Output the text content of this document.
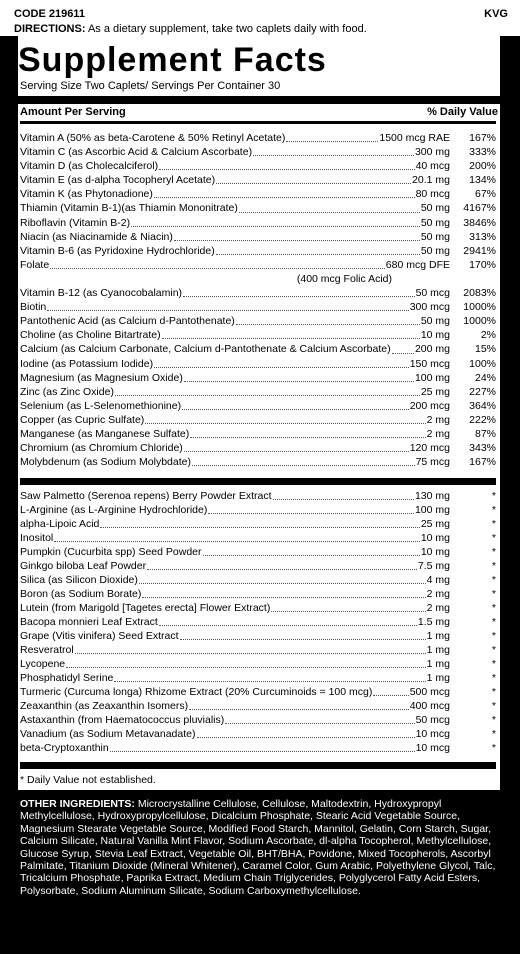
CODE 219611	KVG
DIRECTIONS: As a dietary supplement, take two caplets daily with food.
Supplement Facts
Serving Size Two Caplets/ Servings Per Container 30
Amount Per Serving	% Daily Value
Vitamin A (50% as beta-Carotene & 50% Retinyl Acetate)	1500 mcg RAE	167%
Vitamin C (as Ascorbic Acid & Calcium Ascorbate)	300 mg	333%
Vitamin D (as Cholecalciferol)	40 mcg	200%
Vitamin E (as d-alpha Tocopheryl Acetate)	20.1 mg	134%
Vitamin K (as Phytonadione)	80 mcg	67%
Thiamin (Vitamin B-1)(as Thiamin Mononitrate)	50 mg	4167%
Riboflavin (Vitamin B-2)	50 mg	3846%
Niacin (as Niacinamide & Niacin)	50 mg	313%
Vitamin B-6 (as Pyridoxine Hydrochloride)	50 mg	2941%
Folate	680 mcg DFE	170%
(400 mcg Folic Acid)
Vitamin B-12 (as Cyanocobalamin)	50 mcg	2083%
Biotin	300 mcg	1000%
Pantothenic Acid (as Calcium d-Pantothenate)	50 mg	1000%
Choline (as Choline Bitartrate)	10 mg	2%
Calcium (as Calcium Carbonate, Calcium d-Pantothenate & Calcium Ascorbate) 200 mg	15%
Iodine (as Potassium Iodide)	150 mcg	100%
Magnesium (as Magnesium Oxide)	100 mg	24%
Zinc (as Zinc Oxide)	25 mg	227%
Selenium (as L-Selenomethionine)	200 mcg	364%
Copper (as Cupric Sulfate)	2 mg	222%
Manganese (as Manganese Sulfate)	2 mg	87%
Chromium (as Chromium Chloride)	120 mcg	343%
Molybdenum (as Sodium Molybdate)	75 mcg	167%
Saw Palmetto (Serenoa repens) Berry Powder Extract	130 mg	*
L-Arginine (as L-Arginine Hydrochloride)	100 mg	*
alpha-Lipoic Acid	25 mg	*
Inositol	10 mg	*
Pumpkin (Cucurbita spp) Seed Powder	10 mg	*
Ginkgo biloba Leaf Powder	7.5 mg	*
Silica (as Silicon Dioxide)	4 mg	*
Boron (as Sodium Borate)	2 mg	*
Lutein (from Marigold [Tagetes erecta] Flower Extract)	2 mg	*
Bacopa monnieri Leaf Extract	1.5 mg	*
Grape (Vitis vinifera) Seed Extract	1 mg	*
Resveratrol	1 mg	*
Lycopene	1 mg	*
Phosphatidyl Serine	1 mg	*
Turmeric (Curcuma longa) Rhizome Extract (20% Curcuminoids = 100 mcg)	500 mcg	*
Zeaxanthin (as Zeaxanthin Isomers)	400 mcg	*
Astaxanthin (from Haematococcus pluvialis)	50 mcg	*
Vanadium (as Sodium Metavanadate)	10 mcg	*
beta-Cryptoxanthin	10 mcg	*
* Daily Value not established.
OTHER INGREDIENTS: Microcrystalline Cellulose, Cellulose, Maltodextrin, Hydroxypropyl Methylcellulose, Hydroxypropylcellulose, Dicalcium Phosphate, Stearic Acid Vegetable Source, Magnesium Stearate Vegetable Source, Modified Food Starch, Mannitol, Gelatin, Corn Starch, Sugar, Calcium Silicate, Natural Vanilla Mint Flavor, Sodium Ascorbate, dl-alpha Tocopherol, Methylcellulose, Glucose Syrup, Stevia Leaf Extract, Vegetable Oil, BHT/BHA, Povidone, Mixed Tocopherols, Ascorbyl Palmitate, Titanium Dioxide (Mineral Whitener), Caramel Color, Gum Arabic, Polyethylene Glycol, Talc, Tricalcium Phosphate, Paprika Extract, Medium Chain Triglycerides, Polyglycerol Fatty Acid Esters, Polysorbate, Sodium Aluminum Silicate, Sodium Carboxymethylcellulose.
